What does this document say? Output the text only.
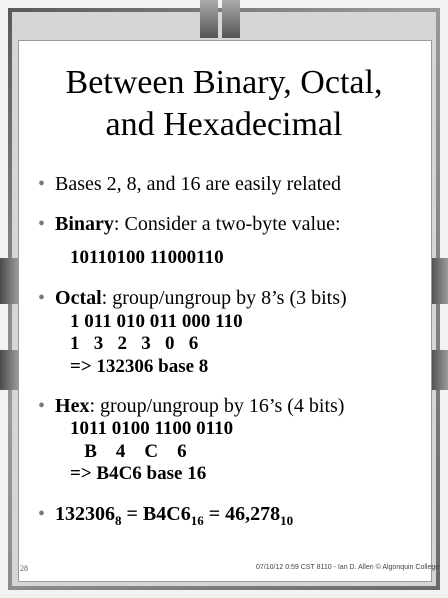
Between Binary, Octal,
and Hexadecimal
• Bases 2, 8, and 16 are easily related
• Binary: Consider a two-byte value:
10110100 11000110
• Octal: group/ungroup by 8’s (3 bits)
1 011 010 011 000 110
1   3   2   3   0   6
=> 132306 base 8
• Hex: group/ungroup by 16’s (4 bits)
1011 0100 1100 0110
B    4    C    6
=> B4C6 base 16
• $132306_8 = B4C6_{16} = 46,278_{10}$
28	07/10/12 0:59 CST 8110 - Ian D. Allen © Algonquin College
